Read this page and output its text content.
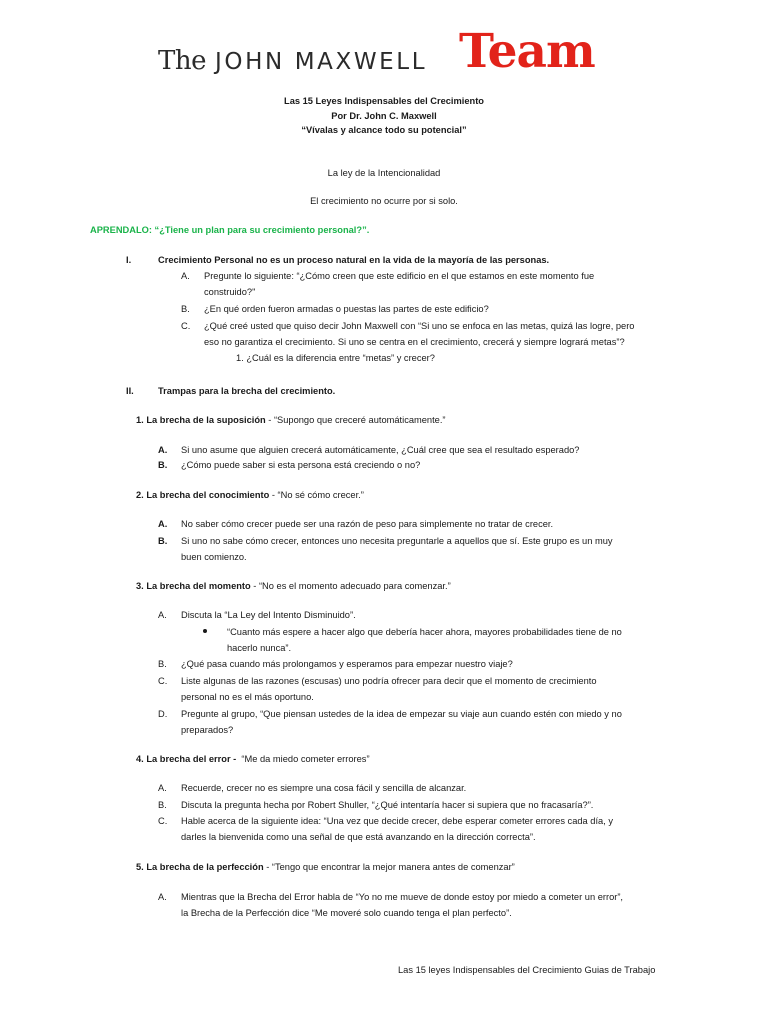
The JOHN MAXWELL Team
Las 15 Leyes Indispensables del Crecimiento
Por Dr. John C. Maxwell
“Vívalas y alcance todo su potencial”
La ley de la Intencionalidad
El crecimiento no ocurre por si solo.
APRENDALO: “¿Tiene un plan para su crecimiento personal?”.
I.	Crecimiento Personal no es un proceso natural en la vida de la mayoría de las personas.
A. Pregunte lo siguiente: “¿Cómo creen que este edificio en el que estamos en este momento fue
construido?"
B. ¿En qué orden fueron armadas o puestas las partes de este edificio?
C. ¿Qué creé usted que quiso decir John Maxwell con “Si uno se enfoca en las metas, quizá las logre, pero
eso no garantiza el crecimiento. Si uno se centra en el crecimiento, crecerá y siempre logrará metas”?
1. ¿Cuál es la diferencia entre “metas” y crecer?
II.	Trampas para la brecha del crecimiento.
1. La brecha de la suposición - “Supongo que creceré automáticamente.”
A. Si uno asume que alguien crecerá automáticamente, ¿Cuál cree que sea el resultado esperado?
B. ¿Cómo puede saber si esta persona está creciendo o no?
2. La brecha del conocimiento - “No sé cómo crecer.”
A. No saber cómo crecer puede ser una razón de peso para simplemente no tratar de crecer.
B. Si uno no sabe cómo crecer, entonces uno necesita preguntarle a aquellos que sí. Este grupo es un muy
buen comienzo.
3. La brecha del momento - “No es el momento adecuado para comenzar.”
A. Discuta la “La Ley del Intento Disminuido”.
“Cuanto más espere a hacer algo que debería hacer ahora, mayores probabilidades tiene de no
hacerlo nunca”.
B. ¿Qué pasa cuando más prolongamos y esperamos para empezar nuestro viaje?
C. Liste algunas de las razones (escusas) uno podría ofrecer para decir que el momento de crecimiento
personal no es el más oportuno.
D. Pregunte al grupo, “Que piensan ustedes de la idea de empezar su viaje aun cuando estén con miedo y no
preparados?
4. La brecha del error -  “Me da miedo cometer errores”
A. Recuerde, crecer no es siempre una cosa fácil y sencilla de alcanzar.
B. Discuta la pregunta hecha por Robert Shuller, “¿Qué intentaría hacer si supiera que no fracasaría?”.
C. Hable acerca de la siguiente idea: “Una vez que decide crecer, debe esperar cometer errores cada día, y
darles la bienvenida como una señal de que está avanzando en la dirección correcta”.
5. La brecha de la perfección - “Tengo que encontrar la mejor manera antes de comenzar”
A. Mientras que la Brecha del Error habla de “Yo no me mueve de donde estoy por miedo a cometer un error”,
la Brecha de la Perfección dice “Me moveré solo cuando tenga el plan perfecto”.
Las 15 leyes Indispensables del Crecimiento Guias de Trabajo
